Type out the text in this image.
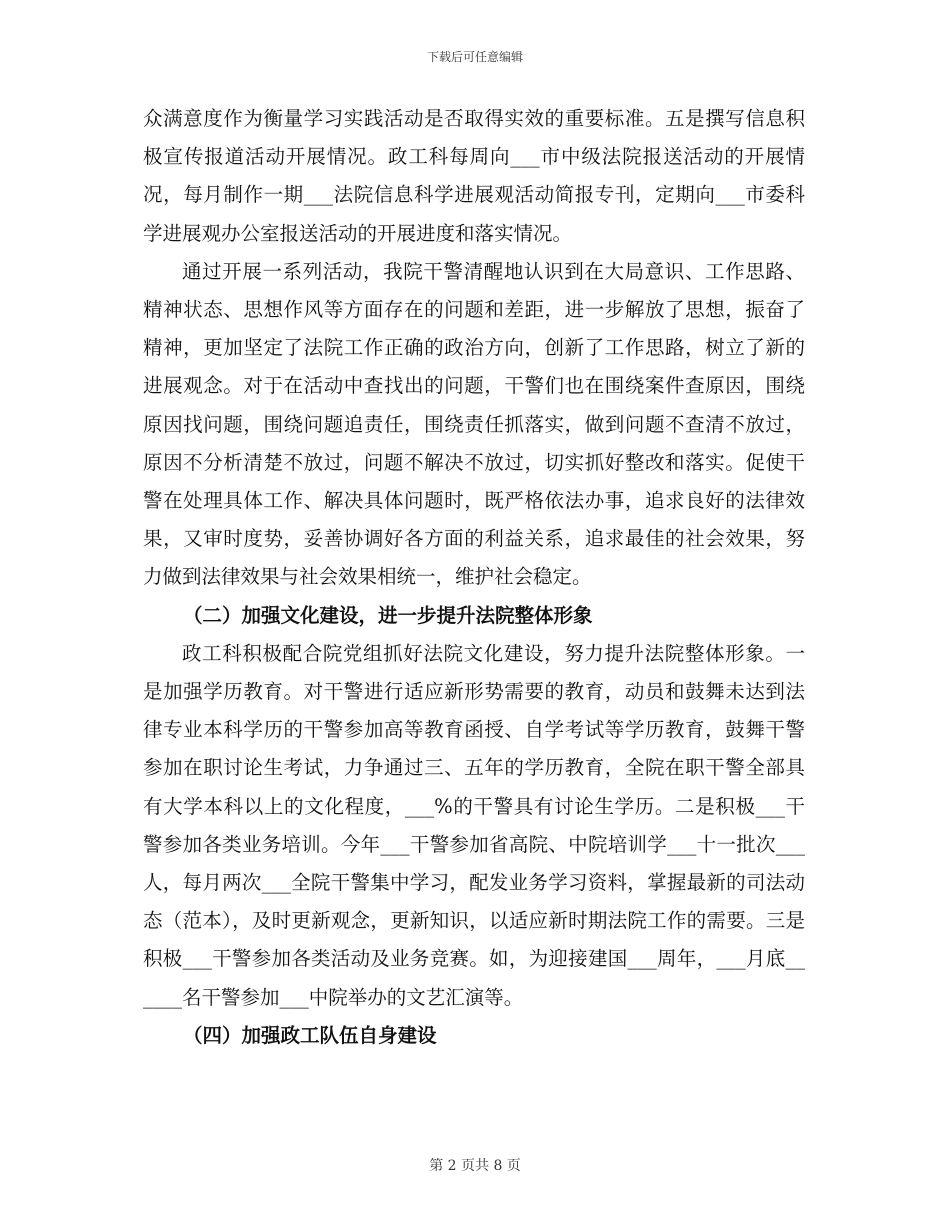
下载后可任意编辑

众满意度作为衡量学习实践活动是否取得实效的重要标准。五是撰写信息积极宣传报道活动开展情况。政工科每周向___市中级法院报送活动的开展情况，每月制作一期___法院信息科学进展观活动简报专刊，定期向___市委科学进展观办公室报送活动的开展进度和落实情况。

通过开展一系列活动，我院干警清醒地认识到在大局意识、工作思路、精神状态、思想作风等方面存在的问题和差距，进一步解放了思想，振奋了精神，更加坚定了法院工作正确的政治方向，创新了工作思路，树立了新的进展观念。对于在活动中查找出的问题，干警们也在围绕案件查原因，围绕原因找问题，围绕问题追责任，围绕责任抓落实，做到问题不查清不放过，原因不分析清楚不放过，问题不解决不放过，切实抓好整改和落实。促使干警在处理具体工作、解决具体问题时，既严格依法办事，追求良好的法律效果，又审时度势，妥善协调好各方面的利益关系，追求最佳的社会效果，努力做到法律效果与社会效果相统一，维护社会稳定。

（二）加强文化建设，进一步提升法院整体形象

政工科积极配合院党组抓好法院文化建设，努力提升法院整体形象。一是加强学历教育。对干警进行适应新形势需要的教育，动员和鼓舞未达到法律专业本科学历的干警参加高等教育函授、自学考试等学历教育，鼓舞干警参加在职讨论生考试，力争通过三、五年的学历教育，全院在职干警全部具有大学本科以上的文化程度，___%的干警具有讨论生学历。二是积极___干警参加各类业务培训。今年___干警参加省高院、中院培训学___十一批次___人，每月两次___全院干警集中学习，配发业务学习资料，掌握最新的司法动态（范本），及时更新观念，更新知识，以适应新时期法院工作的需要。三是积极___干警参加各类活动及业务竞赛。如，为迎接建国___周年，___月底______名干警参加___中院举办的文艺汇演等。

（四）加强政工队伍自身建设

第 2 页共 8 页
